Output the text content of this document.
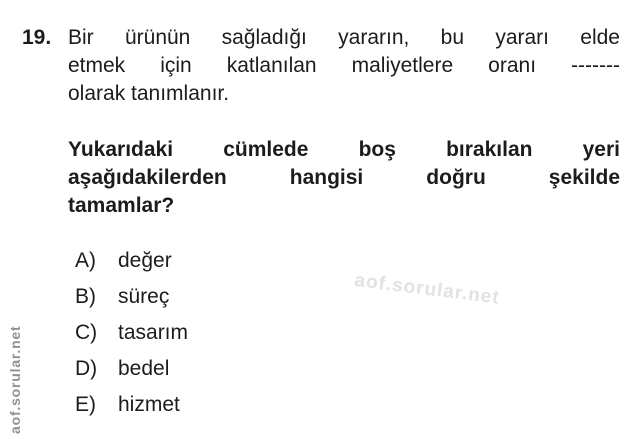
aof.sorular.net
aof.sorular.net
19. Bir ürünün sağladığı yararın, bu yararı elde
etmek için katlanılan maliyetlere oranı -------
olarak tanımlanır.
Yukarıdaki cümlede boş bırakılan yeri
aşağıdakilerden hangisi doğru şekilde
tamamlar?
A)	değer
B)	süreç
C) tasarım
D) bedel
E)	hizmet
